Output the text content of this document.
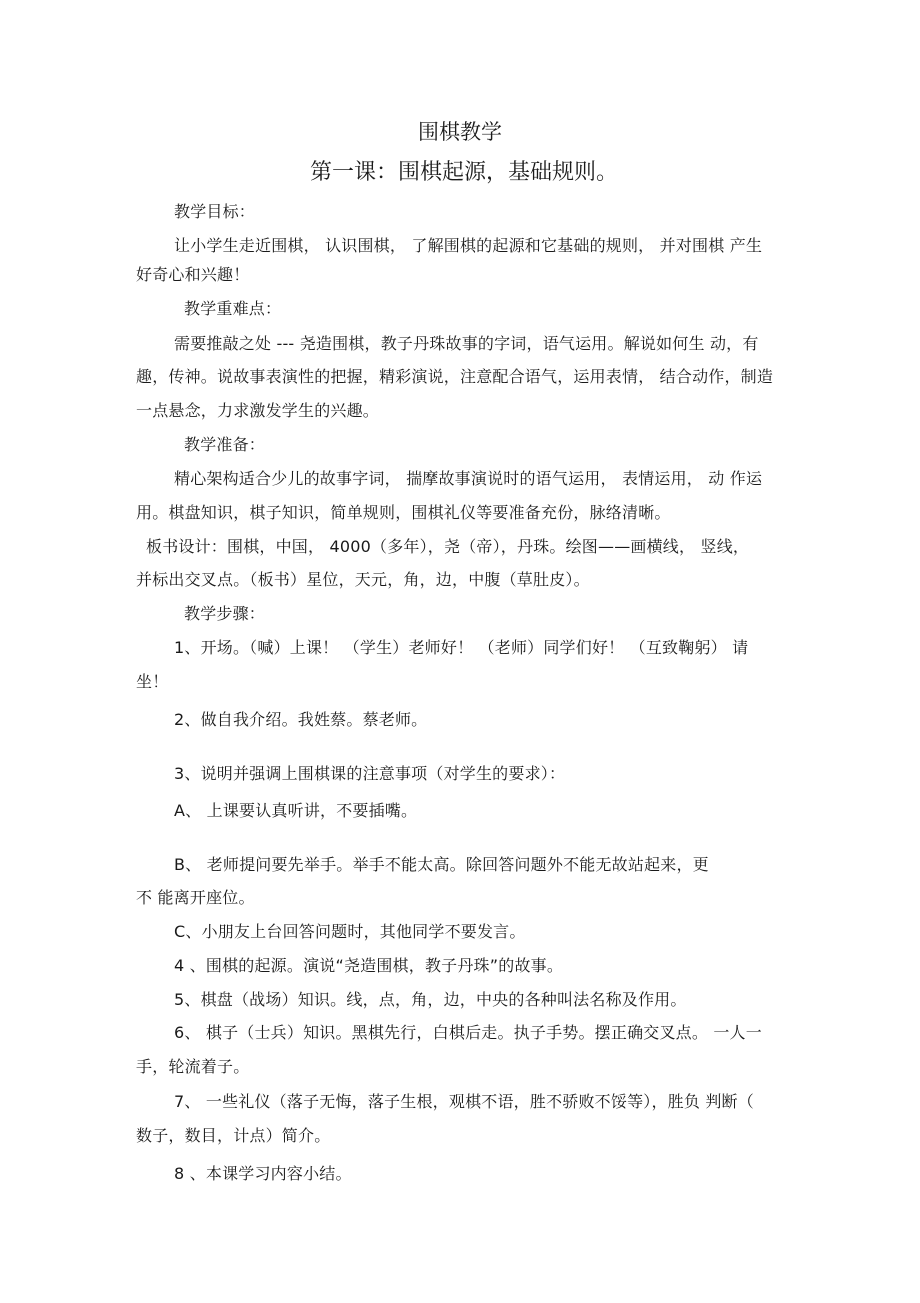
围棋教学
第一课：围棋起源，基础规则。
教学目标：
让小学生走近围棋， 认识围棋， 了解围棋的起源和它基础的规则， 并对围棋 产生
好奇心和兴趣！
教学重难点：
需要推敲之处 --- 尧造围棋，教子丹珠故事的字词，语气运用。解说如何生 动，有
趣，传神。说故事表演性的把握，精彩演说，注意配合语气，运用表情， 结合动作，制造
一点悬念，力求激发学生的兴趣。
教学准备：
精心架构适合少儿的故事字词， 揣摩故事演说时的语气运用， 表情运用， 动 作运
用。棋盘知识，棋子知识，简单规则，围棋礼仪等要准备充份，脉络清晰。
板书设计：围棋，中国， 4000（多年），尧（帝），丹珠。绘图——画横线， 竖线，
并标出交叉点。（板书）星位，天元，角，边，中腹（草肚皮）。
教学步骤：
1、开场。（喊）上课！ （学生）老师好！ （老师）同学们好！ （互致鞠躬） 请
坐！
2、做自我介绍。我姓蔡。蔡老师。
3、说明并强调上围棋课的注意事项（对学生的要求）：
A、 上课要认真听讲，不要插嘴。
B、 老师提问要先举手。举手不能太高。除回答问题外不能无故站起来，更
不 能离开座位。
C、小朋友上台回答问题时，其他同学不要发言。
4 、围棋的起源。演说“尧造围棋，教子丹珠”的故事。
5、棋盘（战场）知识。线，点，角，边，中央的各种叫法名称及作用。
6、 棋子（士兵）知识。黑棋先行，白棋后走。执子手势。摆正确交叉点。 一人一
手，轮流着子。
7、 一些礼仪（落子无悔，落子生根，观棋不语，胜不骄败不馁等），胜负 判断（
数子，数目，计点）简介。
8 、本课学习内容小结。
